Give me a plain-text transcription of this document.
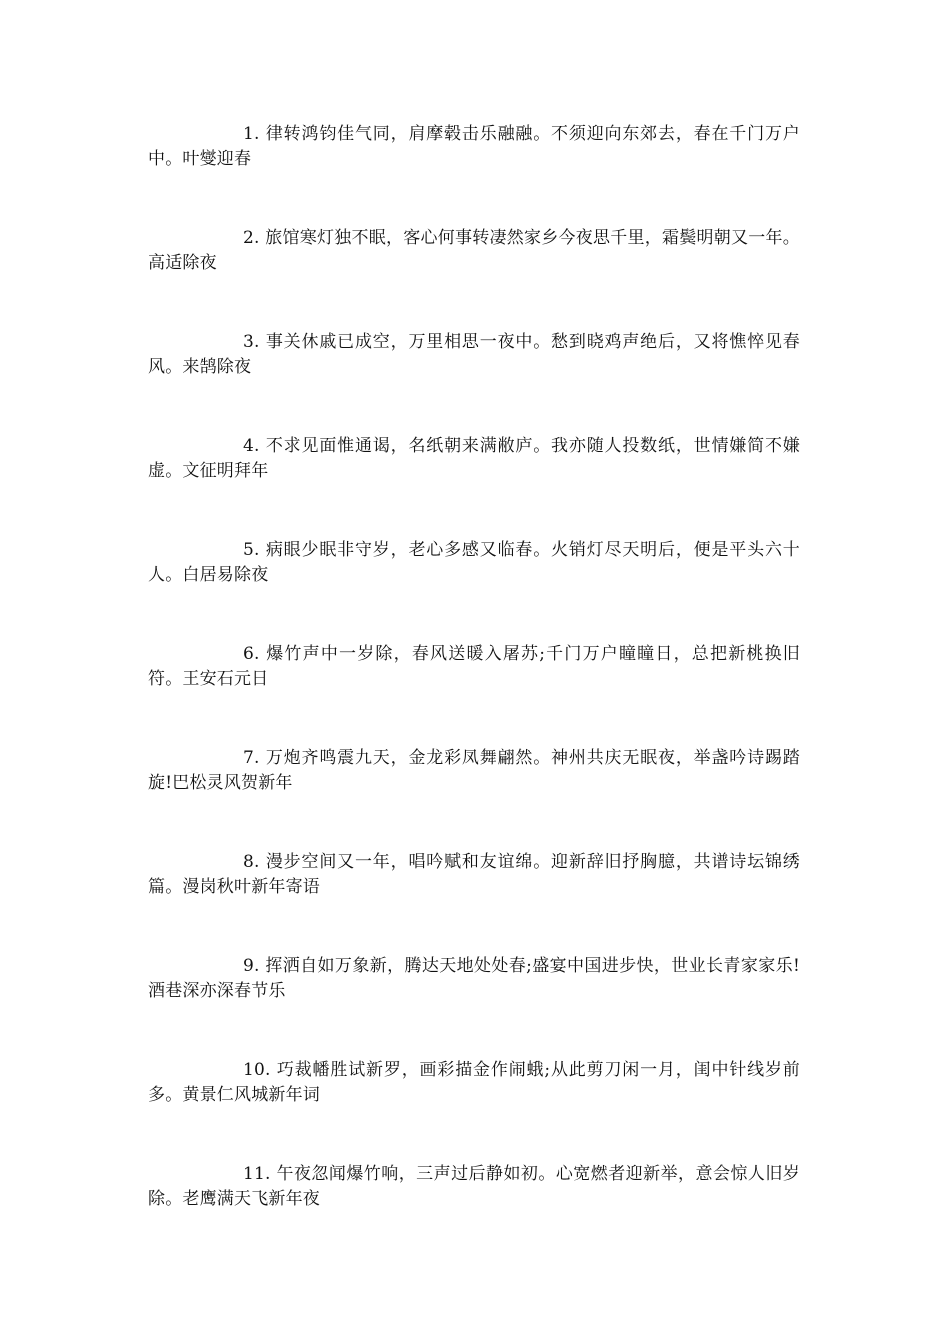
1. 律转鸿钧佳气同，肩摩毂击乐融融。不须迎向东郊去，春在千门万户中。叶燮迎春

2. 旅馆寒灯独不眠，客心何事转凄然家乡今夜思千里，霜鬓明朝又一年。高适除夜

3. 事关休戚已成空，万里相思一夜中。愁到晓鸡声绝后，又将憔悴见春风。来鹄除夜

4. 不求见面惟通谒，名纸朝来满敝庐。我亦随人投数纸，世情嫌简不嫌虚。文征明拜年

5. 病眼少眠非守岁，老心多感又临春。火销灯尽天明后，便是平头六十人。白居易除夜

6. 爆竹声中一岁除，春风送暖入屠苏;千门万户瞳瞳日，总把新桃换旧符。王安石元日

7. 万炮齐鸣震九天，金龙彩凤舞翩然。神州共庆无眠夜，举盏吟诗踢踏旋!巴松灵风贺新年

8. 漫步空间又一年，唱吟赋和友谊绵。迎新辞旧抒胸臆，共谱诗坛锦绣篇。漫岗秋叶新年寄语

9. 挥洒自如万象新，腾达天地处处春;盛宴中国进步快，世业长青家家乐!酒巷深亦深春节乐

10. 巧裁幡胜试新罗，画彩描金作闹蛾;从此剪刀闲一月，闺中针线岁前多。黄景仁风城新年词

11. 午夜忽闻爆竹响，三声过后静如初。心宽燃者迎新举，意会惊人旧岁除。老鹰满天飞新年夜
